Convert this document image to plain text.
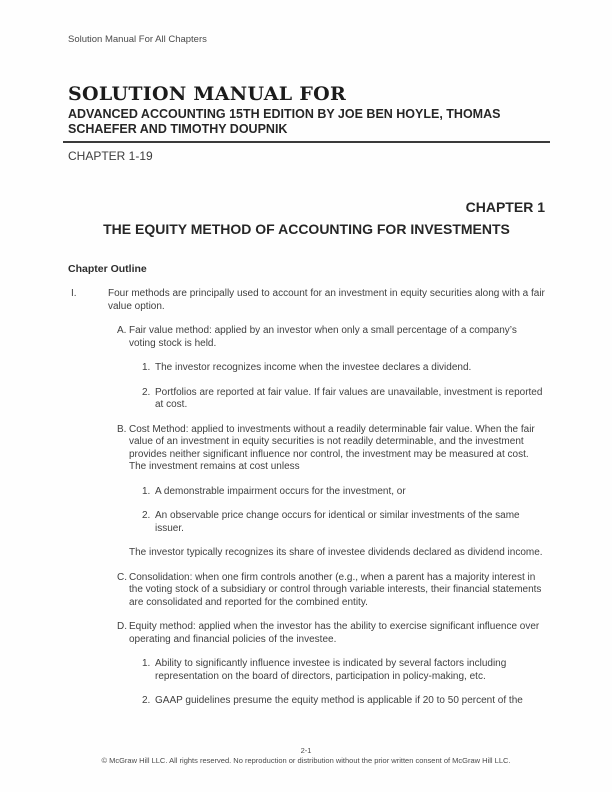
Solution Manual For All Chapters
SOLUTION MANUAL FOR
ADVANCED ACCOUNTING 15TH EDITION BY JOE BEN HOYLE, THOMAS SCHAEFER AND TIMOTHY DOUPNIK
CHAPTER 1-19
CHAPTER 1
THE EQUITY METHOD OF ACCOUNTING FOR INVESTMENTS
Chapter Outline
I.	Four methods are principally used to account for an investment in equity securities along with a fair value option.
A. Fair value method: applied by an investor when only a small percentage of a company’s voting stock is held.
1. The investor recognizes income when the investee declares a dividend.
2. Portfolios are reported at fair value. If fair values are unavailable, investment is reported at cost.
B. Cost Method: applied to investments without a readily determinable fair value. When the fair value of an investment in equity securities is not readily determinable, and the investment provides neither significant influence nor control, the investment may be measured at cost. The investment remains at cost unless
1. A demonstrable impairment occurs for the investment, or
2. An observable price change occurs for identical or similar investments of the same issuer.
The investor typically recognizes its share of investee dividends declared as dividend income.
C. Consolidation: when one firm controls another (e.g., when a parent has a majority interest in the voting stock of a subsidiary or control through variable interests, their financial statements are consolidated and reported for the combined entity.
D. Equity method: applied when the investor has the ability to exercise significant influence over operating and financial policies of the investee.
1. Ability to significantly influence investee is indicated by several factors including representation on the board of directors, participation in policy-making, etc.
2. GAAP guidelines presume the equity method is applicable if 20 to 50 percent of the
2-1
© McGraw Hill LLC. All rights reserved. No reproduction or distribution without the prior written consent of McGraw Hill LLC.
